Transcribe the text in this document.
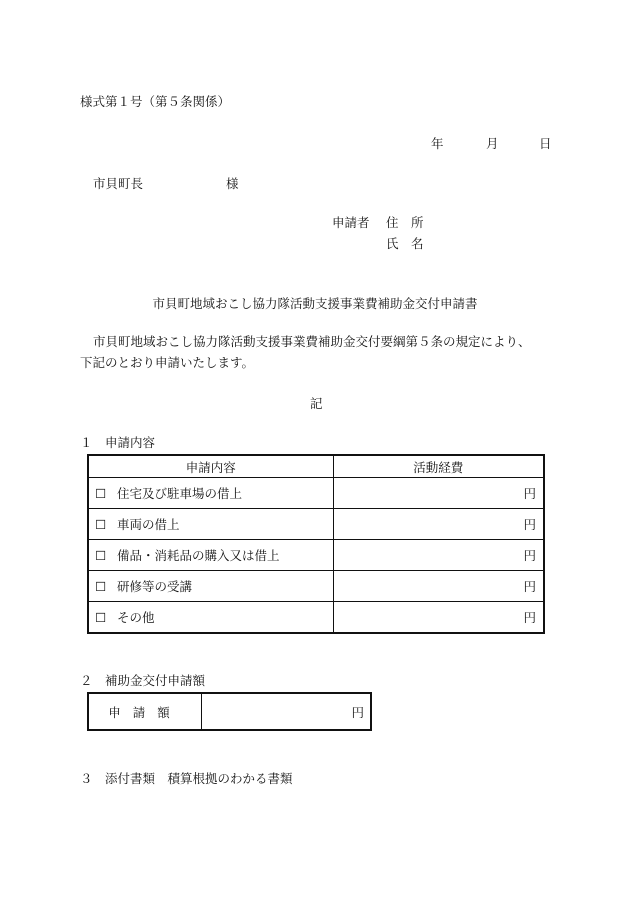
様式第１号（第５条関係）
年	月	日
市貝町長	様
申請者 住　所
氏　名
市貝町地域おこし協力隊活動支援事業費補助金交付申請書
市貝町地域おこし協力隊活動支援事業費補助金交付要綱第５条の規定により、
下記のとおり申請いたします。
記
１　申請内容
申請内容	活動経費
☐ 住宅及び駐車場の借上	円
☐ 車両の借上	円
☐ 備品・消耗品の購入又は借上	円
☐ 研修等の受講	円
☐ その他	円
２　補助金交付申請額
申請額	円
３　添付書類　積算根拠のわかる書類
